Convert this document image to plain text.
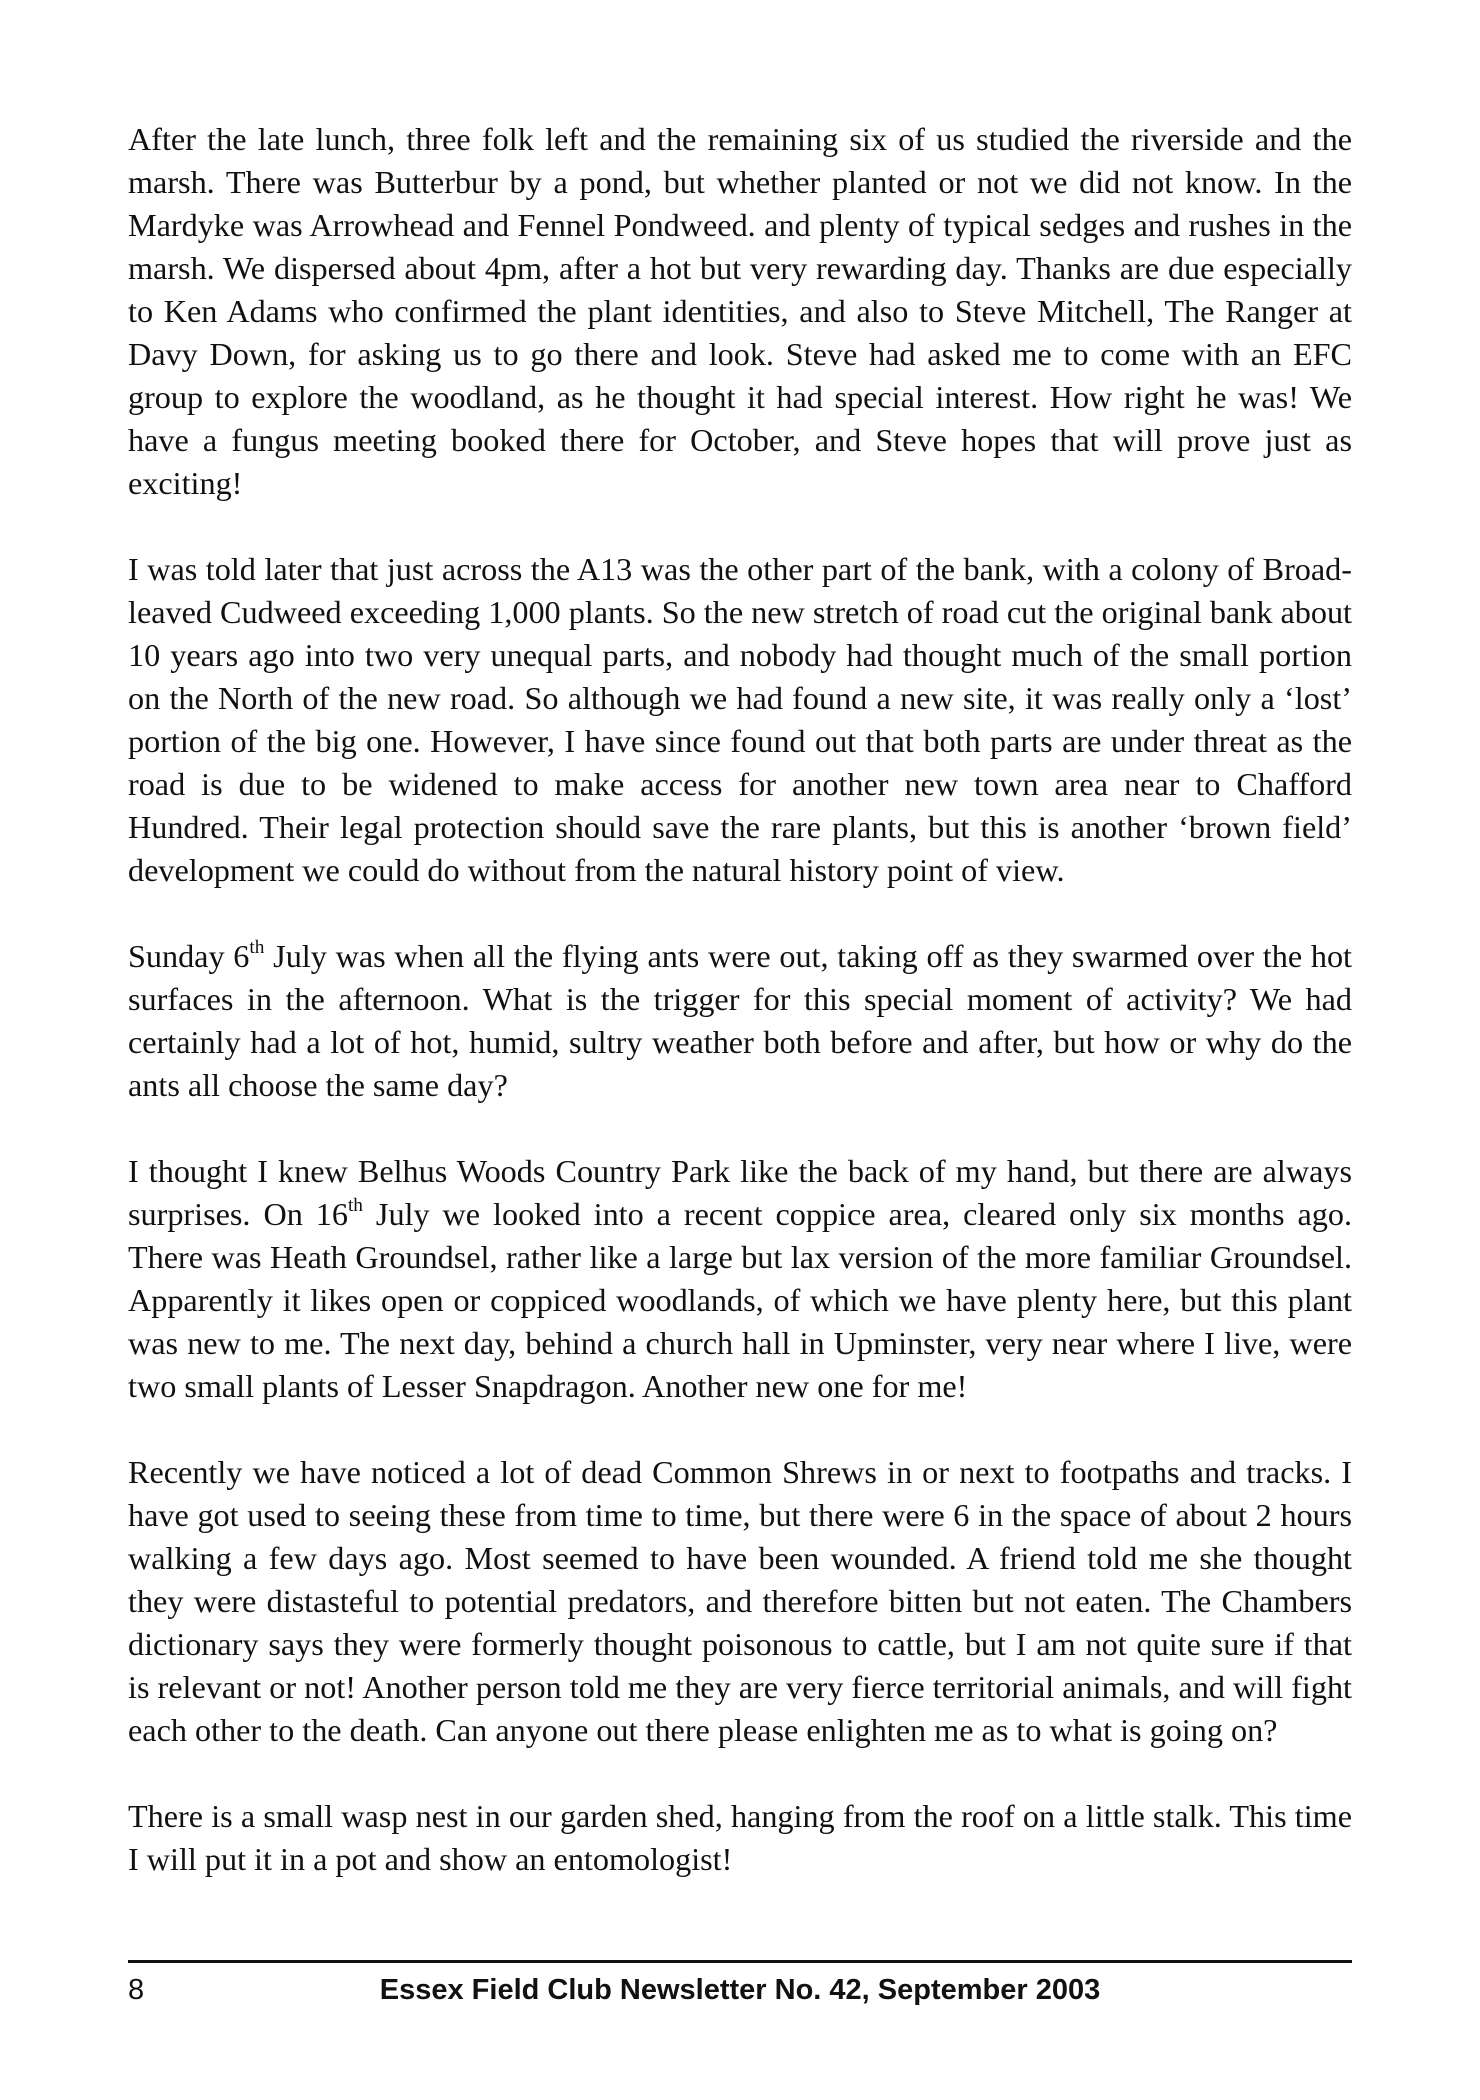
After the late lunch, three folk left and the remaining six of us studied the riverside and the marsh. There was Butterbur by a pond, but whether planted or not we did not know. In the Mardyke was Arrowhead and Fennel Pondweed. and plenty of typical sedges and rushes in the marsh. We dispersed about 4pm, after a hot but very rewarding day. Thanks are due especially to Ken Adams who confirmed the plant identities, and also to Steve Mitchell, The Ranger at Davy Down, for asking us to go there and look. Steve had asked me to come with an EFC group to explore the woodland, as he thought it had special interest. How right he was! We have a fungus meeting booked there for October, and Steve hopes that will prove just as exciting!

I was told later that just across the A13 was the other part of the bank, with a colony of Broad-leaved Cudweed exceeding 1,000 plants. So the new stretch of road cut the original bank about 10 years ago into two very unequal parts, and nobody had thought much of the small portion on the North of the new road. So although we had found a new site, it was really only a ‘lost’ portion of the big one. However, I have since found out that both parts are under threat as the road is due to be widened to make access for another new town area near to Chafford Hundred. Their legal protection should save the rare plants, but this is another ‘brown field’ development we could do without from the natural history point of view.

Sunday 6th July was when all the flying ants were out, taking off as they swarmed over the hot surfaces in the afternoon. What is the trigger for this special moment of activity? We had certainly had a lot of hot, humid, sultry weather both before and after, but how or why do the ants all choose the same day?

I thought I knew Belhus Woods Country Park like the back of my hand, but there are always surprises. On 16th July we looked into a recent coppice area, cleared only six months ago. There was Heath Groundsel, rather like a large but lax version of the more familiar Groundsel. Apparently it likes open or coppiced woodlands, of which we have plenty here, but this plant was new to me. The next day, behind a church hall in Upminster, very near where I live, were two small plants of Lesser Snapdragon. Another new one for me!

Recently we have noticed a lot of dead Common Shrews in or next to footpaths and tracks. I have got used to seeing these from time to time, but there were 6 in the space of about 2 hours walking a few days ago. Most seemed to have been wounded. A friend told me she thought they were distasteful to potential predators, and therefore bitten but not eaten. The Chambers dictionary says they were formerly thought poisonous to cattle, but I am not quite sure if that is relevant or not! Another person told me they are very fierce territorial animals, and will fight each other to the death. Can anyone out there please enlighten me as to what is going on?

There is a small wasp nest in our garden shed, hanging from the roof on a little stalk. This time I will put it in a pot and show an entomologist!

8	Essex Field Club Newsletter No. 42, September 2003
